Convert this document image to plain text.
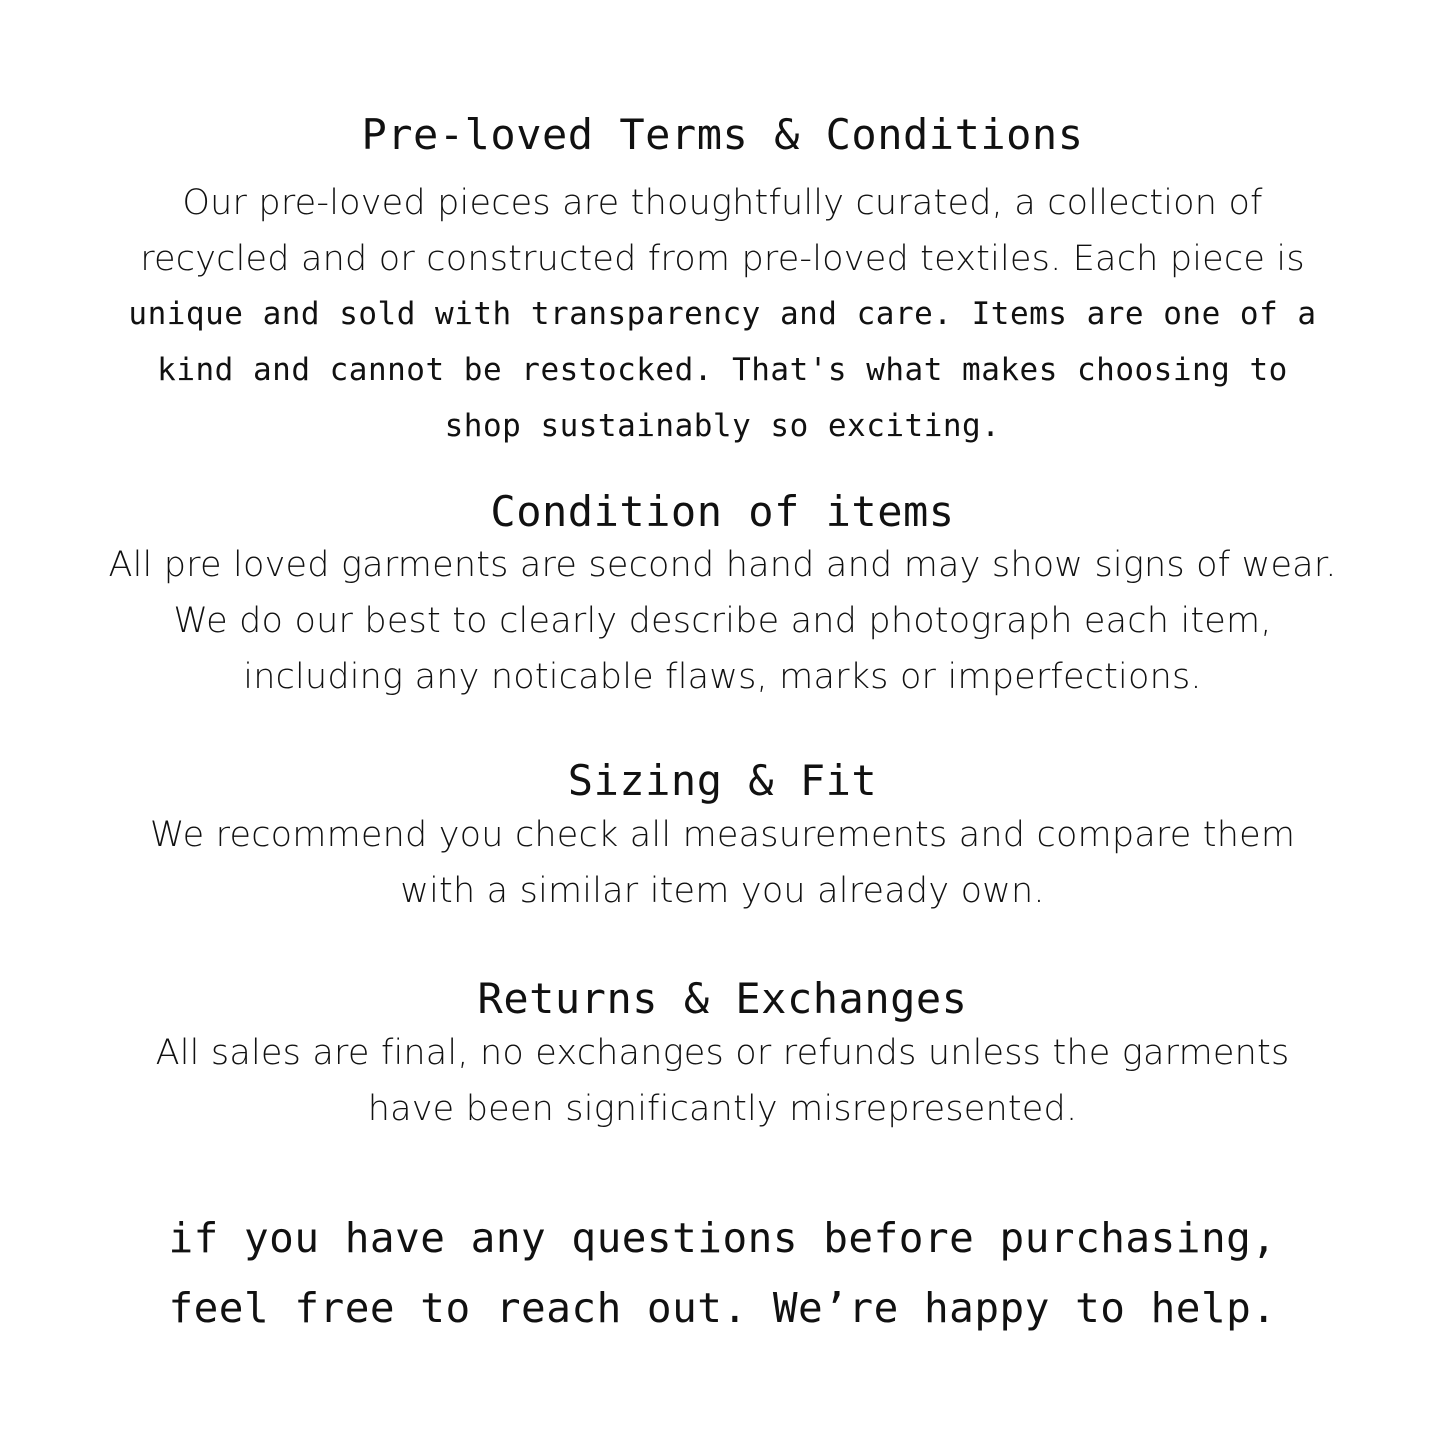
Pre-loved Terms & Conditions
Our pre-loved pieces are thoughtfully curated, a collection of
recycled and or constructed from pre-loved textiles. Each piece is
unique and sold with transparency and care. Items are one of a
kind and cannot be restocked. That's what makes choosing to
shop sustainably so exciting.
Condition of items
All pre loved garments are second hand and may show signs of wear.
We do our best to clearly describe and photograph each item,
including any noticable flaws, marks or imperfections.
Sizing & Fit
We recommend you check all measurements and compare them
with a similar item you already own.
Returns & Exchanges
All sales are final, no exchanges or refunds unless the garments
have been significantly misrepresented.
if you have any questions before purchasing,
feel free to reach out. We’re happy to help.
